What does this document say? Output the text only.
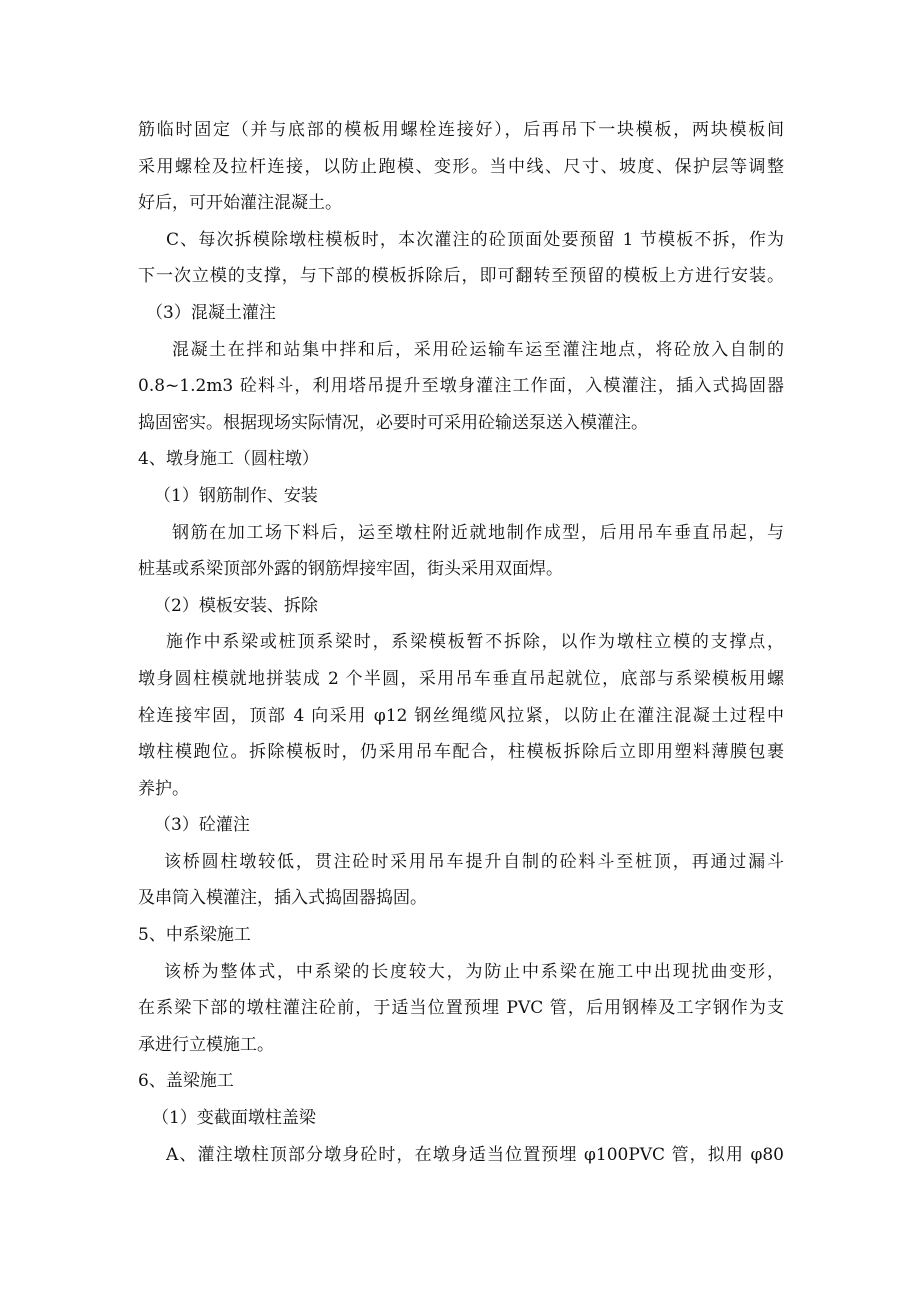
筋临时固定（并与底部的模板用螺栓连接好），后再吊下一块模板，两块模板间
采用螺栓及拉杆连接，以防止跑模、变形。当中线、尺寸、坡度、保护层等调整
好后，可开始灌注混凝土。
C、每次拆模除墩柱模板时，本次灌注的砼顶面处要预留 1 节模板不拆，作为
下一次立模的支撑，与下部的模板拆除后，即可翻转至预留的模板上方进行安装。
（3）混凝土灌注
混凝土在拌和站集中拌和后，采用砼运输车运至灌注地点，将砼放入自制的
0.8~1.2m3 砼料斗，利用塔吊提升至墩身灌注工作面，入模灌注，插入式捣固器
捣固密实。根据现场实际情况，必要时可采用砼输送泵送入模灌注。
4、墩身施工（圆柱墩）
（1）钢筋制作、安装
钢筋在加工场下料后，运至墩柱附近就地制作成型，后用吊车垂直吊起，与
桩基或系梁顶部外露的钢筋焊接牢固，街头采用双面焊。
（2）模板安装、拆除
施作中系梁或桩顶系梁时，系梁模板暂不拆除，以作为墩柱立模的支撑点，
墩身圆柱模就地拼装成 2 个半圆，采用吊车垂直吊起就位，底部与系梁模板用螺
栓连接牢固，顶部 4 向采用 φ12 钢丝绳缆风拉紧，以防止在灌注混凝土过程中
墩柱模跑位。拆除模板时，仍采用吊车配合，柱模板拆除后立即用塑料薄膜包裹
养护。
（3）砼灌注
该桥圆柱墩较低，贯注砼时采用吊车提升自制的砼料斗至桩顶，再通过漏斗
及串筒入模灌注，插入式捣固器捣固。
5、中系梁施工
该桥为整体式，中系梁的长度较大，为防止中系梁在施工中出现扰曲变形，
在系梁下部的墩柱灌注砼前，于适当位置预埋 PVC 管，后用钢棒及工字钢作为支
承进行立模施工。
6、盖梁施工
（1）变截面墩柱盖梁
A、灌注墩柱顶部分墩身砼时，在墩身适当位置预埋 φ100PVC 管，拟用 φ80
